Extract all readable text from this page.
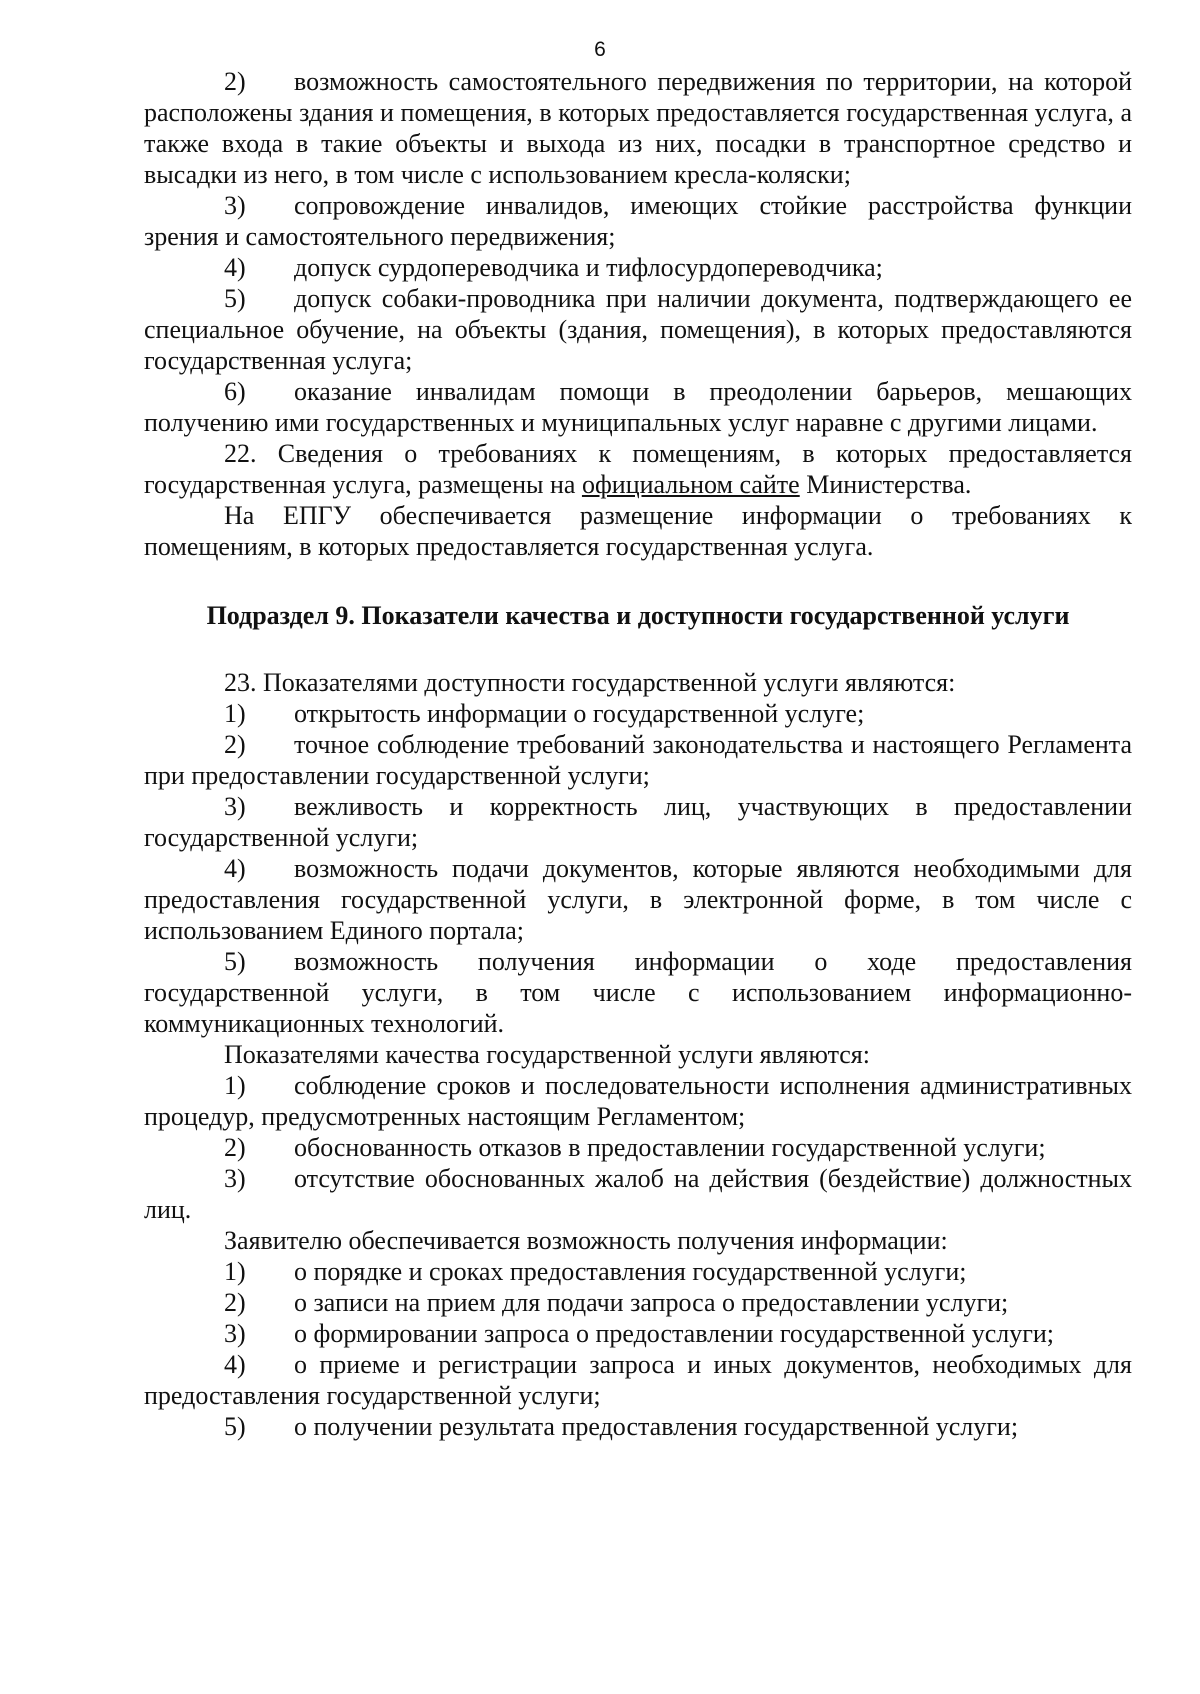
6

2) возможность самостоятельного передвижения по территории, на которой расположены здания и помещения, в которых предоставляется государственная услуга, а также входа в такие объекты и выхода из них, посадки в транспортное средство и высадки из него, в том числе с использованием кресла-коляски;

3) сопровождение инвалидов, имеющих стойкие расстройства функции зрения и самостоятельного передвижения;

4) допуск сурдопереводчика и тифлосурдопереводчика;

5) допуск собаки-проводника при наличии документа, подтверждающего ее специальное обучение, на объекты (здания, помещения), в которых предоставляются государственная услуга;

6) оказание инвалидам помощи в преодолении барьеров, мешающих получению ими государственных и муниципальных услуг наравне с другими лицами.

22. Сведения о требованиях к помещениям, в которых предоставляется государственная услуга, размещены на официальном сайте Министерства.

На ЕПГУ обеспечивается размещение информации о требованиях к помещениям, в которых предоставляется государственная услуга.

Подраздел 9. Показатели качества и доступности государственной услуги

23. Показателями доступности государственной услуги являются:

1) открытость информации о государственной услуге;

2) точное соблюдение требований законодательства и настоящего Регламента при предоставлении государственной услуги;

3) вежливость и корректность лиц, участвующих в предоставлении государственной услуги;

4) возможность подачи документов, которые являются необходимыми для предоставления государственной услуги, в электронной форме, в том числе с использованием Единого портала;

5) возможность получения информации о ходе предоставления государственной услуги, в том числе с использованием информационно-коммуникационных технологий.

Показателями качества государственной услуги являются:

1) соблюдение сроков и последовательности исполнения административных процедур, предусмотренных настоящим Регламентом;

2) обоснованность отказов в предоставлении государственной услуги;

3) отсутствие обоснованных жалоб на действия (бездействие) должностных лиц.

Заявителю обеспечивается возможность получения информации:

1) о порядке и сроках предоставления государственной услуги;

2) о записи на прием для подачи запроса о предоставлении услуги;

3) о формировании запроса о предоставлении государственной услуги;

4) о приеме и регистрации запроса и иных документов, необходимых для предоставления государственной услуги;

5) о получении результата предоставления государственной услуги;
